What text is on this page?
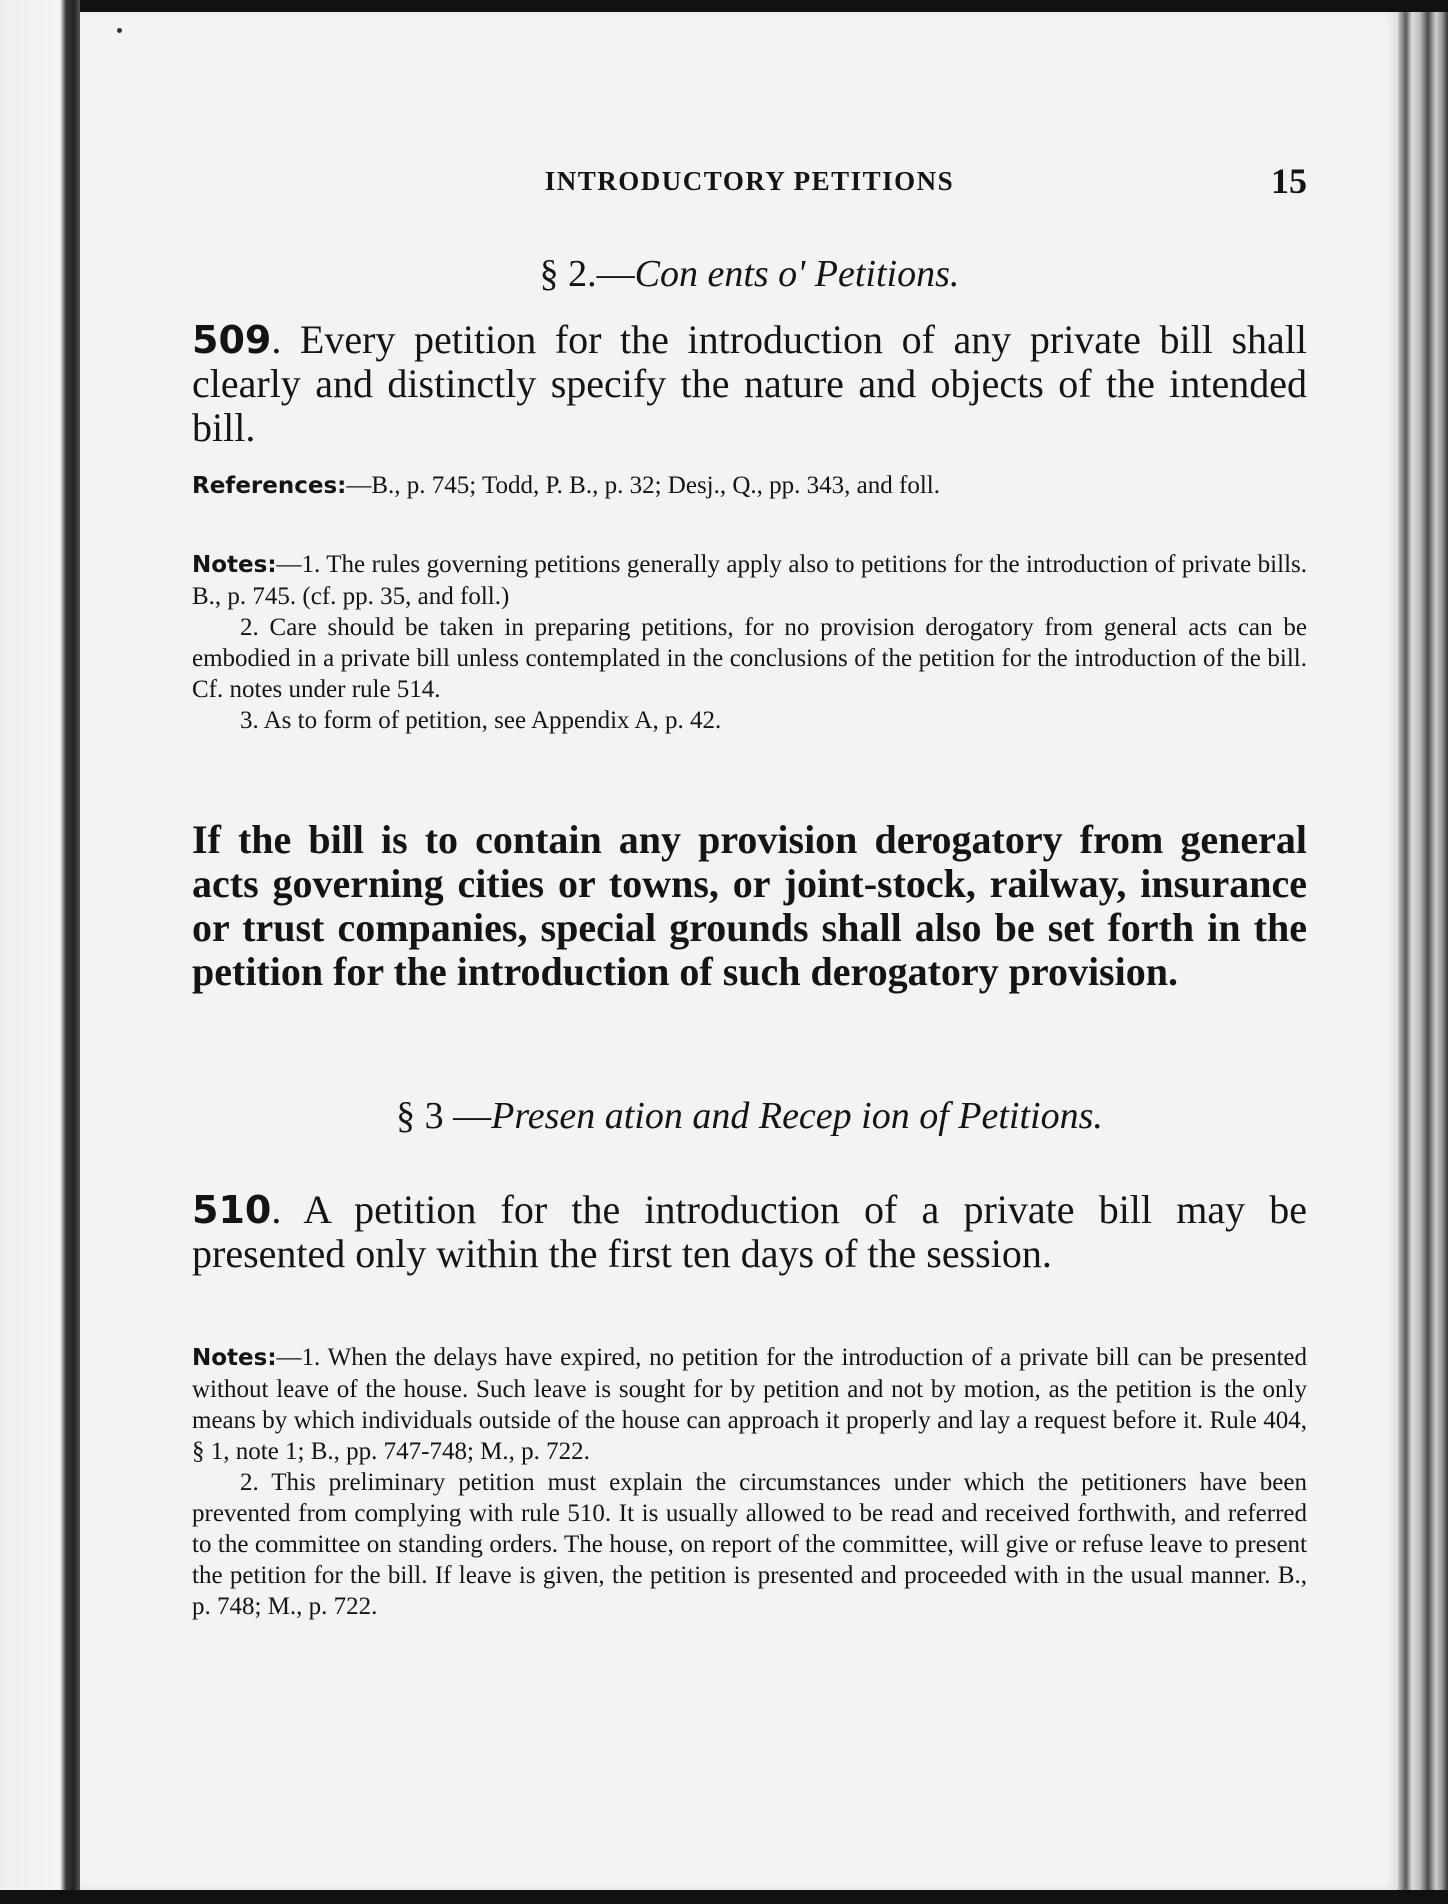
INTRODUCTORY PETITIONS	15
§ 2.—Con ents o' Petitions.
509. Every petition for the introduction of any private bill shall clearly and distinctly specify the nature and objects of the intended bill.
References:—B., p. 745; Todd, P. B., p. 32; Desj., Q., pp. 343, and foll.
Notes:—1. The rules governing petitions generally apply also to petitions for the introduction of private bills. B., p. 745. (cf. pp. 35, and foll.)
2. Care should be taken in preparing petitions, for no provision derogatory from general acts can be embodied in a private bill unless contemplated in the conclusions of the petition for the introduction of the bill. Cf. notes under rule 514.
3. As to form of petition, see Appendix A, p. 42.
If the bill is to contain any provision derogatory from general acts governing cities or towns, or joint-stock, railway, insurance or trust companies, special grounds shall also be set forth in the petition for the introduction of such derogatory provision.
§ 3 —Presen ation and Recep ion of Petitions.
510. A petition for the introduction of a private bill may be presented only within the first ten days of the session.
Notes:—1. When the delays have expired, no petition for the introduction of a private bill can be presented without leave of the house. Such leave is sought for by petition and not by motion, as the petition is the only means by which individuals outside of the house can approach it properly and lay a request before it. Rule 404, § 1, note 1; B., pp. 747-748; M., p. 722.
2. This preliminary petition must explain the circumstances under which the petitioners have been prevented from complying with rule 510. It is usually allowed to be read and received forthwith, and referred to the committee on standing orders. The house, on report of the committee, will give or refuse leave to present the petition for the bill. If leave is given, the petition is presented and proceeded with in the usual manner. B., p. 748; M., p. 722.
